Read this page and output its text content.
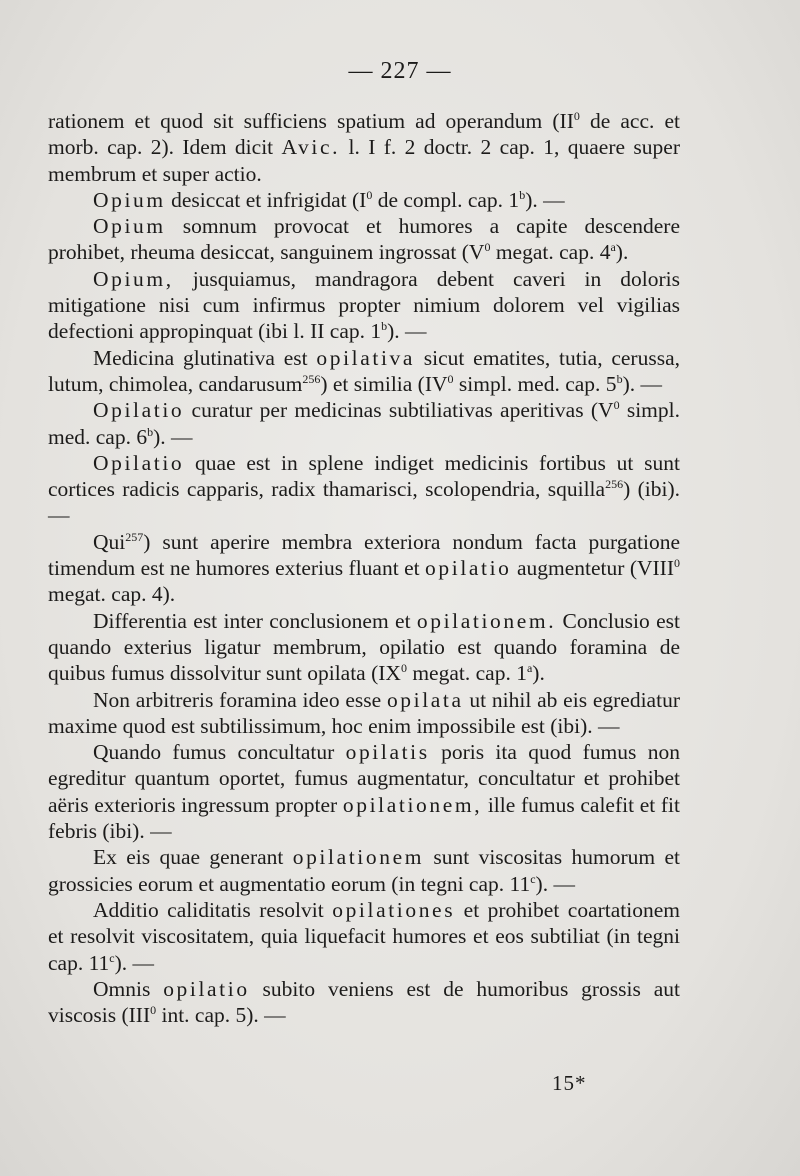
— 227 —

rationem et quod sit sufficiens spatium ad operandum ($II^0$ de acc. et morb. cap. 2). Idem dicit Avic. l. I f. 2 doctr. 2 cap. 1, quaere super membrum et super actio.

Opium desiccat et infrigidat ($I^0$ de compl. cap. 1$^b$). —

Opium somnum provocat et humores a capite descendere prohibet, rheuma desiccat, sanguinem ingrossat ($V^0$ megat. cap. 4$^a$).

Opium, jusquiamus, mandragora debent caveri in doloris mitigatione nisi cum infirmus propter nimium dolorem vel vigilias defectioni appropinquat (ibi l. II cap. 1$^b$). —

Medicina glutinativa est opilativa sicut ematites, tutia, cerussa, lutum, chimolea, candarusum$^{256}$) et similia ($IV^0$ simpl. med. cap. 5$^b$). —

Opilatio curatur per medicinas subtiliativas aperitivas ($V^0$ simpl. med. cap. 6$^b$). —

Opilatio quae est in splene indiget medicinis fortibus ut sunt cortices radicis capparis, radix thamarisci, scolopendria, squilla$^{256}$) (ibi). —

Qui$^{257}$) sunt aperire membra exteriora nondum facta purgatione timendum est ne humores exterius fluant et opilatio augmentetur (VIII$^0$ megat. cap. 4).

Differentia est inter conclusionem et opilationem. Conclusio est quando exterius ligatur membrum, opilatio est quando foramina de quibus fumus dissolvitur sunt opilata ($IX^0$ megat. cap. 1$^a$).

Non arbitreris foramina ideo esse opilata ut nihil ab eis egrediatur maxime quod est subtilissimum, hoc enim impossibile est (ibi). —

Quando fumus concultatur opilatis poris ita quod fumus non egreditur quantum oportet, fumus augmentatur, concultatur et prohibet aëris exterioris ingressum propter opilationem, ille fumus calefit et fit febris (ibi). —

Ex eis quae generant opilationem sunt viscositas humorum et grossicies eorum et augmentatio eorum (in tegni cap. 11$^c$). —

Additio caliditatis resolvit opilationes et prohibet coartationem et resolvit viscositatem, quia liquefacit humores et eos subtiliat (in tegni cap. 11$^c$). —

Omnis opilatio subito veniens est de humoribus grossis aut viscosis (III$^0$ int. cap. 5). —

15*
